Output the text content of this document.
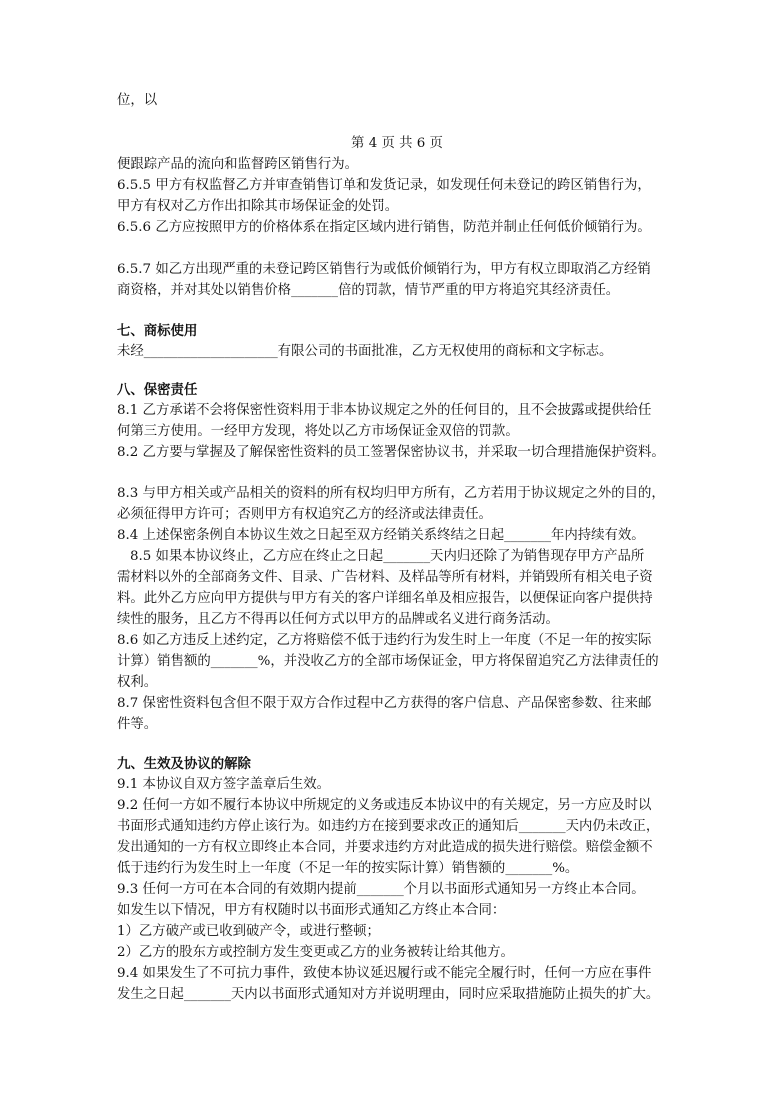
位，以
第 4 页 共 6 页
便跟踪产品的流向和监督跨区销售行为。
6.5.5 甲方有权监督乙方并审查销售订单和发货记录，如发现任何未登记的跨区销售行为，
甲方有权对乙方作出扣除其市场保证金的处罚。
6.5.6 乙方应按照甲方的价格体系在指定区域内进行销售，防范并制止任何低价倾销行为。
6.5.7 如乙方出现严重的未登记跨区销售行为或低价倾销行为，甲方有权立即取消乙方经销
商资格，并对其处以销售价格_______倍的罚款，情节严重的甲方将追究其经济责任。
七、商标使用
未经____________________有限公司的书面批准，乙方无权使用的商标和文字标志。
八、保密责任
8.1 乙方承诺不会将保密性资料用于非本协议规定之外的任何目的，且不会披露或提供给任
何第三方使用。一经甲方发现，将处以乙方市场保证金双倍的罚款。
8.2 乙方要与掌握及了解保密性资料的员工签署保密协议书，并采取一切合理措施保护资料。
8.3 与甲方相关或产品相关的资料的所有权均归甲方所有，乙方若用于协议规定之外的目的，
必须征得甲方许可；否则甲方有权追究乙方的经济或法律责任。
8.4 上述保密条例自本协议生效之日起至双方经销关系终结之日起_______年内持续有效。
8.5 如果本协议终止，乙方应在终止之日起_______天内归还除了为销售现存甲方产品所
需材料以外的全部商务文件、目录、广告材料、及样品等所有材料，并销毁所有相关电子资
料。此外乙方应向甲方提供与甲方有关的客户详细名单及相应报告，以便保证向客户提供持
续性的服务，且乙方不得再以任何方式以甲方的品牌或名义进行商务活动。
8.6 如乙方违反上述约定，乙方将赔偿不低于违约行为发生时上一年度（不足一年的按实际
计算）销售额的_______%，并没收乙方的全部市场保证金，甲方将保留追究乙方法律责任的
权利。
8.7 保密性资料包含但不限于双方合作过程中乙方获得的客户信息、产品保密参数、往来邮
件等。
九、生效及协议的解除
9.1 本协议自双方签字盖章后生效。
9.2 任何一方如不履行本协议中所规定的义务或违反本协议中的有关规定，另一方应及时以
书面形式通知违约方停止该行为。如违约方在接到要求改正的通知后_______天内仍未改正，
发出通知的一方有权立即终止本合同，并要求违约方对此造成的损失进行赔偿。赔偿金额不
低于违约行为发生时上一年度（不足一年的按实际计算）销售额的_______%。
9.3 任何一方可在本合同的有效期内提前_______个月以书面形式通知另一方终止本合同。
如发生以下情况，甲方有权随时以书面形式通知乙方终止本合同：
1）乙方破产或已收到破产令，或进行整顿；
2）乙方的股东方或控制方发生变更或乙方的业务被转让给其他方。
9.4 如果发生了不可抗力事件，致使本协议延迟履行或不能完全履行时，任何一方应在事件
发生之日起_______天内以书面形式通知对方并说明理由，同时应采取措施防止损失的扩大。
